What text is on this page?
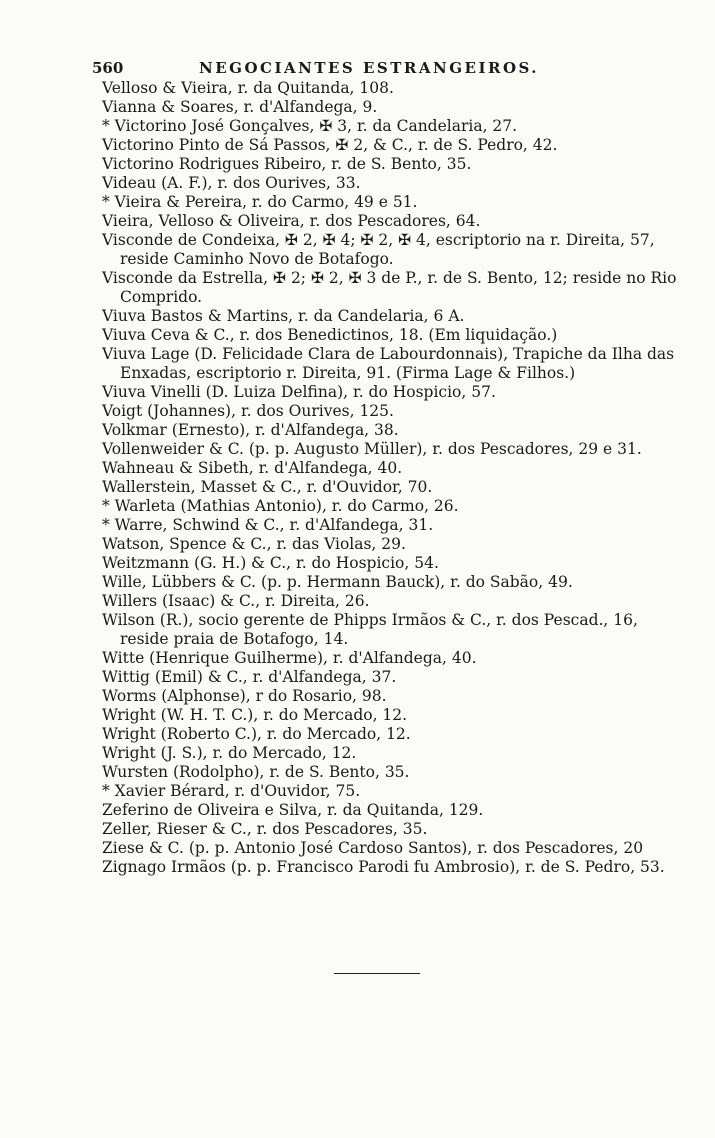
560	NEGOCIANTES ESTRANGEIROS.
Velloso & Vieira, r. da Quitanda, 108.
Vianna & Soares, r. d'Alfandega, 9.
* Victorino José Gonçalves, ✠ 3, r. da Candelaria, 27.
Victorino Pinto de Sá Passos, ✠ 2, & C., r. de S. Pedro, 42.
Victorino Rodrigues Ribeiro, r. de S. Bento, 35.
Videau (A. F.), r. dos Ourives, 33.
* Vieira & Pereira, r. do Carmo, 49 e 51.
Vieira, Velloso & Oliveira, r. dos Pescadores, 64.
Visconde de Condeixa, ✠ 2, ✠ 4; ✠ 2, ✠ 4, escriptorio na r. Direita, 57, reside Caminho Novo de Botafogo.
Visconde da Estrella, ✠ 2; ✠ 2, ✠ 3 de P., r. de S. Bento, 12; reside no Rio Comprido.
Viuva Bastos & Martins, r. da Candelaria, 6 A.
Viuva Ceva & C., r. dos Benedictinos, 18. (Em liquidação.)
Viuva Lage (D. Felicidade Clara de Labourdonnais), Trapiche da Ilha das Enxadas, escriptorio r. Direita, 91. (Firma Lage & Filhos.)
Viuva Vinelli (D. Luiza Delfina), r. do Hospicio, 57.
Voigt (Johannes), r. dos Ourives, 125.
Volkmar (Ernesto), r. d'Alfandega, 38.
Vollenweider & C. (p. p. Augusto Müller), r. dos Pescadores, 29 e 31.
Wahneau & Sibeth, r. d'Alfandega, 40.
Wallerstein, Masset & C., r. d'Ouvidor, 70.
* Warleta (Mathias Antonio), r. do Carmo, 26.
* Warre, Schwind & C., r. d'Alfandega, 31.
Watson, Spence & C., r. das Violas, 29.
Weitzmann (G. H.) & C., r. do Hospicio, 54.
Wille, Lübbers & C. (p. p. Hermann Bauck), r. do Sabão, 49.
Willers (Isaac) & C., r. Direita, 26.
Wilson (R.), socio gerente de Phipps Irmãos & C., r. dos Pescad., 16, reside praia de Botafogo, 14.
Witte (Henrique Guilherme), r. d'Alfandega, 40.
Wittig (Emil) & C., r. d'Alfandega, 37.
Worms (Alphonse), r do Rosario, 98.
Wright (W. H. T. C.), r. do Mercado, 12.
Wright (Roberto C.), r. do Mercado, 12.
Wright (J. S.), r. do Mercado, 12.
Wursten (Rodolpho), r. de S. Bento, 35.
* Xavier Bérard, r. d'Ouvidor, 75.
Zeferino de Oliveira e Silva, r. da Quitanda, 129.
Zeller, Rieser & C., r. dos Pescadores, 35.
Ziese & C. (p. p. Antonio José Cardoso Santos), r. dos Pescadores, 20
Zignago Irmãos (p. p. Francisco Parodi fu Ambrosio), r. de S. Pedro, 53.
